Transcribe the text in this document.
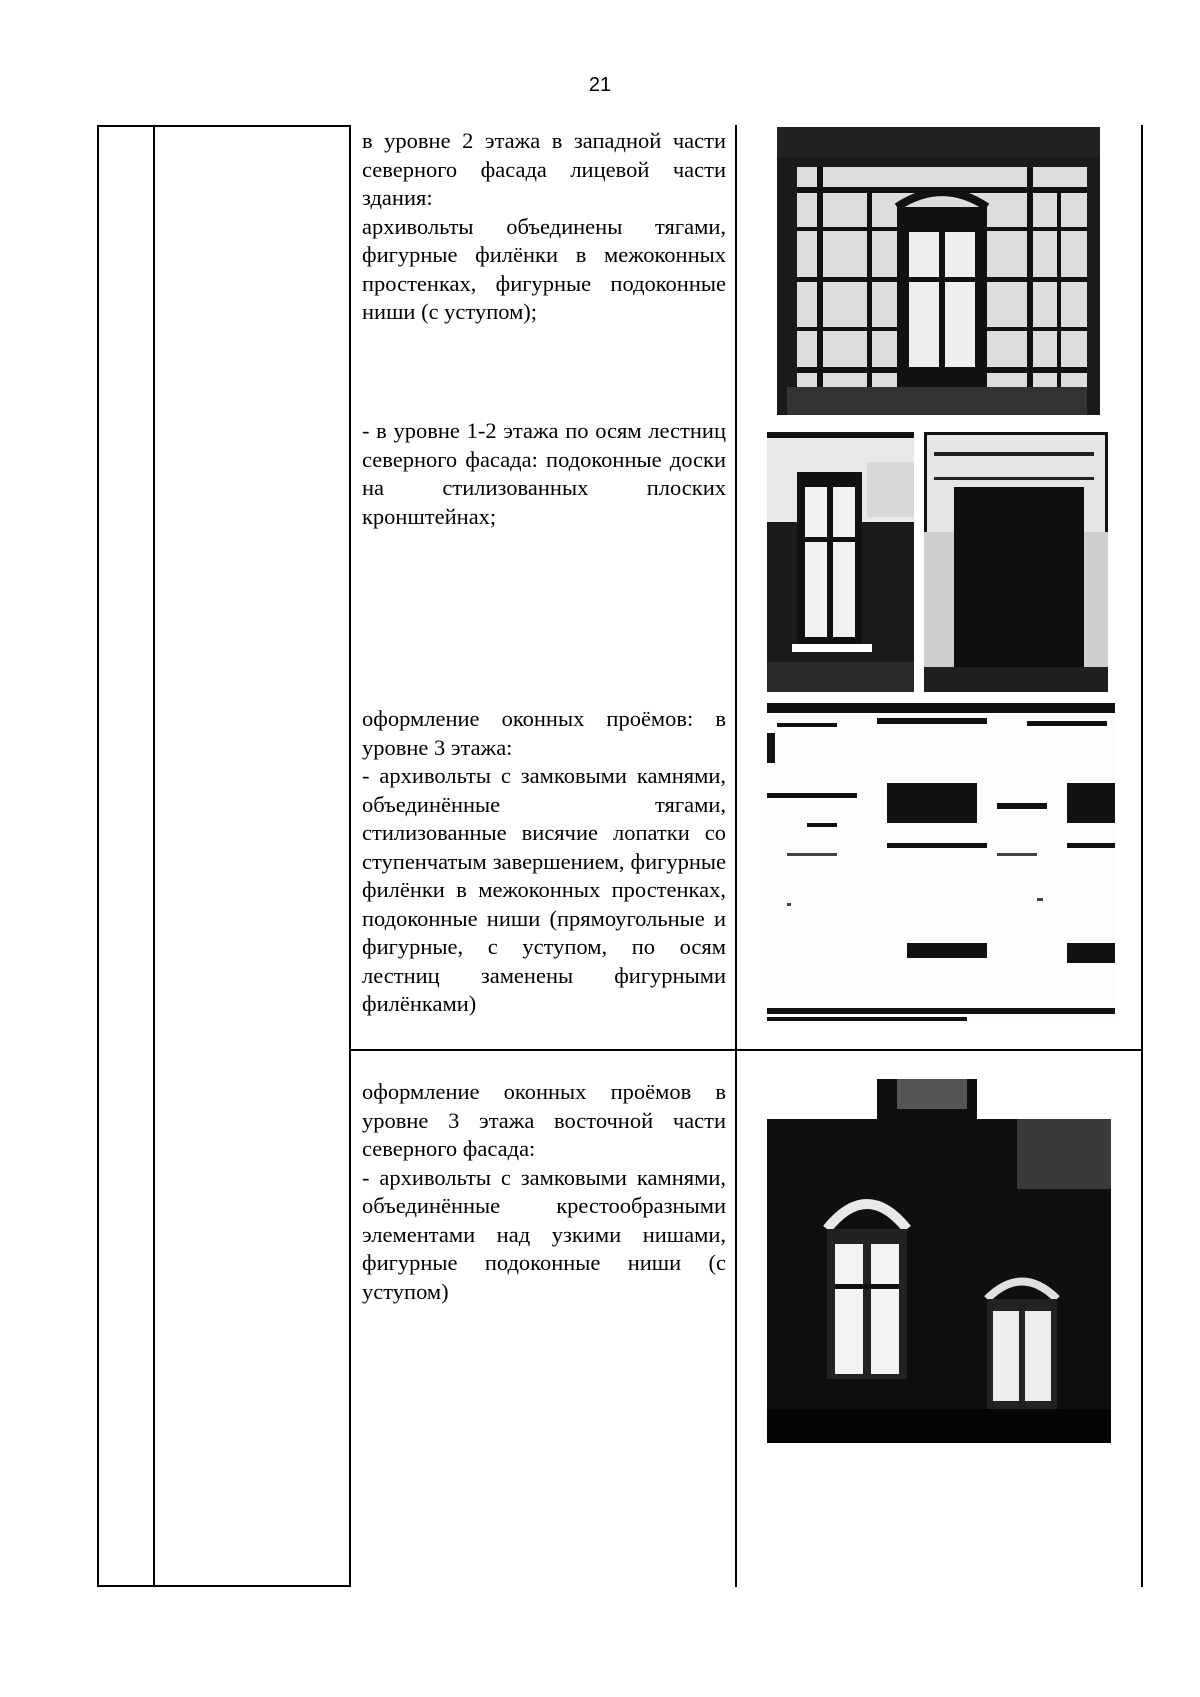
21

в уровне 2 этажа в западной части северного фасада лицевой части здания:

архивольты объединены тягами, фигурные филёнки в межоконных простенках, фигурные подоконные ниши (с уступом);

- в уровне 1-2 этажа по осям лестниц северного фасада: подоконные доски на стилизованных плоских кронштейнах;

оформление оконных проёмов: в уровне 3 этажа:

- архивольты с замковыми камнями, объединённые тягами, стилизованные висячие лопатки со ступенчатым завершением, фигурные филёнки в межоконных простенках, подоконные ниши (прямоугольные и фигурные, с уступом, по осям лестниц заменены фигурными филёнками)

оформление оконных проёмов в уровне 3 этажа восточной части северного фасада:

- архивольты с замковыми камнями, объединённые крестообразными элементами над узкими нишами, фигурные подоконные ниши (с уступом)
